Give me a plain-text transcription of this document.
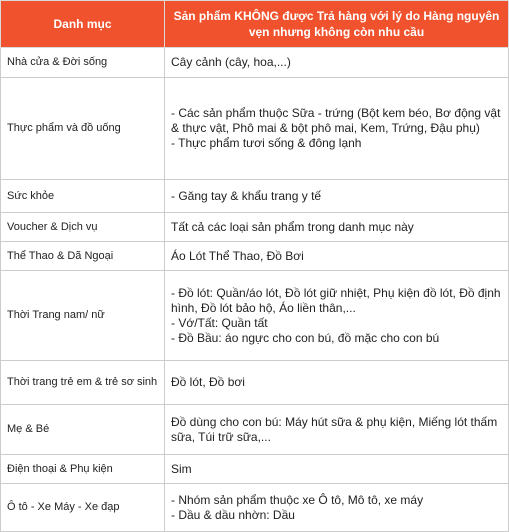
Danh mục	Sản phẩm KHÔNG được Trả hàng với lý do Hàng nguyên vẹn nhưng không còn nhu cầu
Nhà cửa & Đời sống	Cây cảnh (cây, hoa,...)

Thực phẩm và đồ uống	- Các sản phẩm thuộc Sữa - trứng (Bột kem béo, Bơ động vật & thực vật, Phô mai & bột phô mai, Kem, Trứng, Đậu phụ)
- Thực phẩm tươi sống & đông lạnh

Sức khỏe	- Găng tay & khẩu trang y tế

Voucher & Dịch vụ	Tất cả các loại sản phẩm trong danh mục này

Thể Thao & Dã Ngoại	Áo Lót Thể Thao, Đồ Bơi

Thời Trang nam/ nữ	- Đồ lót: Quần/áo lót, Đồ lót giữ nhiệt, Phụ kiện đồ lót, Đồ định hình, Đồ lót bảo hộ, Áo liền thân,...
- Vớ/Tất: Quần tất
- Đồ Bầu: áo ngực cho con bú, đồ mặc cho con bú

Thời trang trẻ em & trẻ sơ sinh	Đồ lót, Đồ bơi

Mẹ & Bé	Đồ dùng cho con bú: Máy hút sữa & phụ kiện, Miếng lót thấm sữa, Túi trữ sữa,...

Điện thoại & Phụ kiện	Sim

Ô tô - Xe Máy - Xe đạp	- Nhóm sản phẩm thuộc xe Ô tô, Mô tô, xe máy
- Dầu & dầu nhờn: Dầu
